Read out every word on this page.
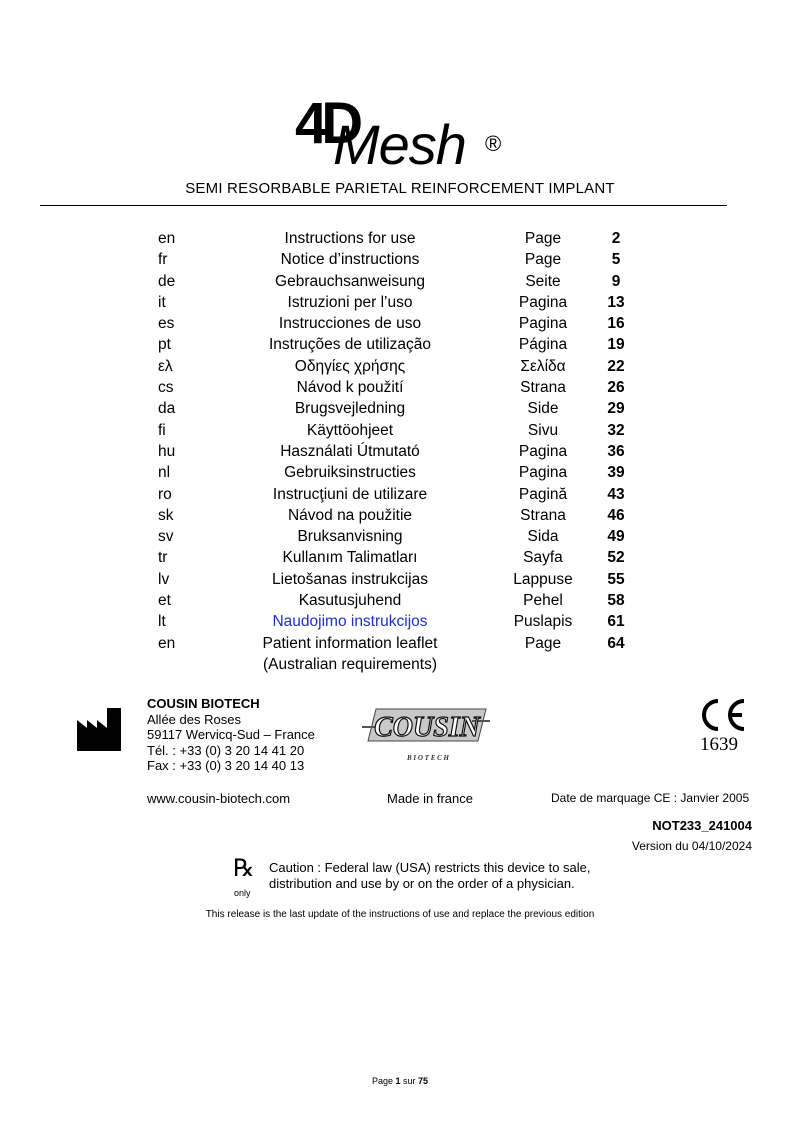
4D
Mesh ®
SEMI RESORBABLE PARIETAL REINFORCEMENT IMPLANT
en	Instructions for use	Page	2
fr	Notice d’instructions	Page	5
de	Gebrauchsanweisung	Seite	9
it	Istruzioni per l’uso	Pagina	13
es	Instrucciones de uso	Pagina	16
pt	Instruções de utilização	Página	19
ελ	Οδηγίες χρήσης	Σελίδα	22
cs	Návod k použití	Strana	26
da	Brugsvejledning	Side	29
fi	Käyttöohjeet	Sivu	32
hu	Használati Útmutató	Pagina	36
nl	Gebruiksinstructies	Pagina	39
ro	Instrucţiuni de utilizare	Pagină	43
sk	Návod na použitie	Strana	46
sv	Bruksanvisning	Sida	49
tr	Kullanım Talimatları	Sayfa	52
lv	Lietošanas instrukcijas	Lappuse	55
et	Kasutusjuhend	Pehel	58
lt	Naudojimo instrukcijos	Puslapis	61
en	Patient information leaflet	Page	64
(Australian requirements)
COUSIN BIOTECH
Allée des Roses
59117 Wervicq-Sud – France
Tél. : +33 (0) 3 20 14 41 20
Fax : +33 (0) 3 20 14 40 13
COUSIN
B I O T E C H
1639
www.cousin-biotech.com	Made in france	Date de marquage CE : Janvier 2005
NOT233_241004
Version du 04/10/2024
℞
only
Caution : Federal law (USA) restricts this device to sale,
distribution and use by or on the order of a physician.
This release is the last update of the instructions of use and replace the previous edition
Page 1 sur 75
